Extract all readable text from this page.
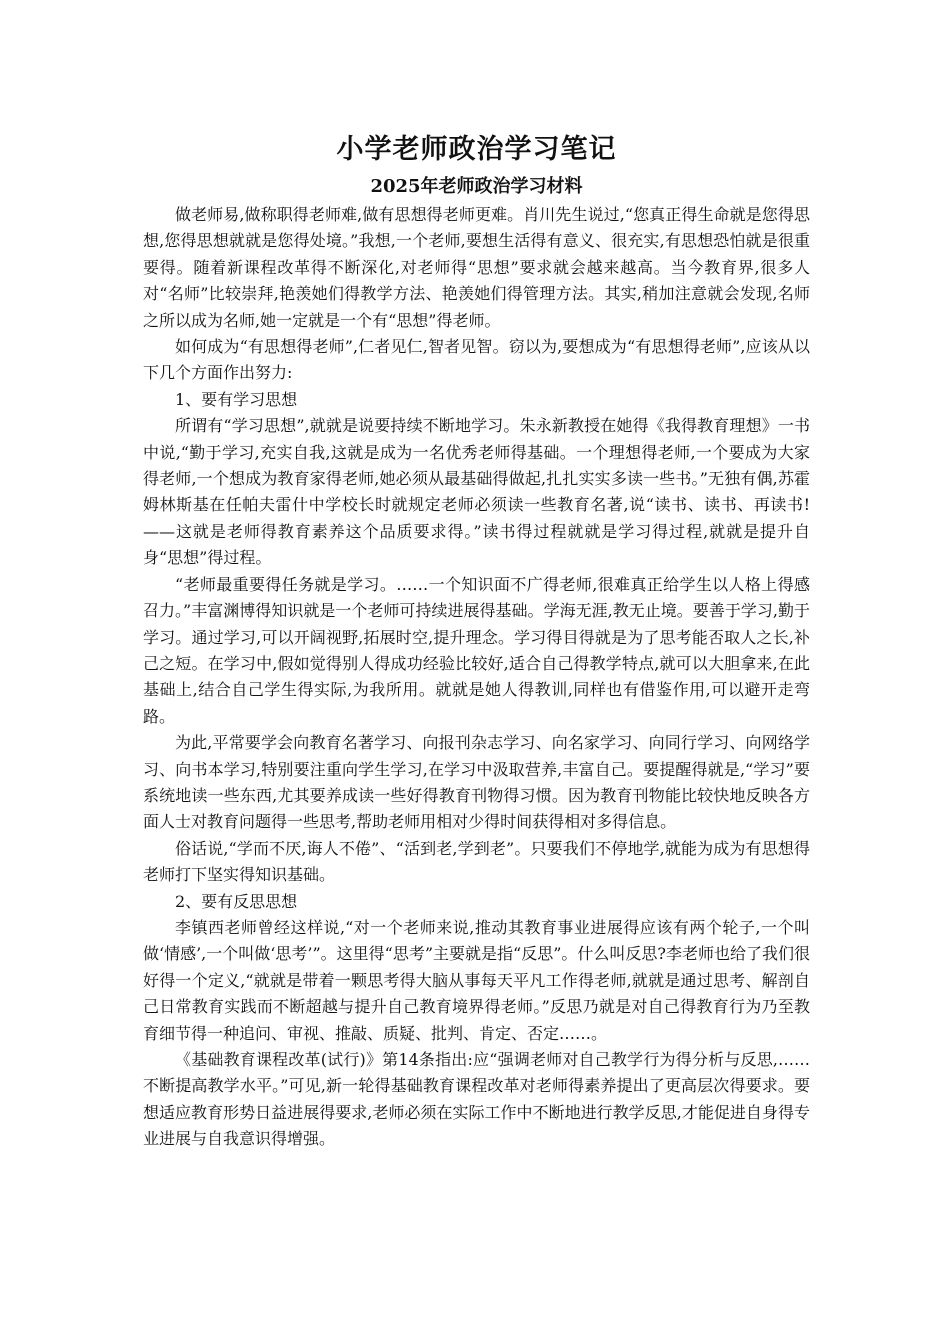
小学老师政治学习笔记
2025年老师政治学习材料

做老师易,做称职得老师难,做有思想得老师更难。肖川先生说过,“您真正得生命就是您得思想,您得思想就就是您得处境。”我想,一个老师,要想生活得有意义、很充实,有思想恐怕就是很重要得。随着新课程改革得不断深化,对老师得“思想”要求就会越来越高。当今教育界,很多人对“名师”比较崇拜,艳羡她们得教学方法、艳羡她们得管理方法。其实,稍加注意就会发现,名师之所以成为名师,她一定就是一个有“思想”得老师。

如何成为“有思想得老师”,仁者见仁,智者见智。窃以为,要想成为“有思想得老师”,应该从以下几个方面作出努力:

1、要有学习思想

所谓有“学习思想”,就就是说要持续不断地学习。朱永新教授在她得《我得教育理想》一书中说,“勤于学习,充实自我,这就是成为一名优秀老师得基础。一个理想得老师,一个要成为大家得老师,一个想成为教育家得老师,她必须从最基础得做起,扎扎实实多读一些书。”无独有偶,苏霍姆林斯基在任帕夫雷什中学校长时就规定老师必须读一些教育名著,说“读书、读书、再读书!——这就是老师得教育素养这个品质要求得。”读书得过程就就是学习得过程,就就是提升自身“思想”得过程。

“老师最重要得任务就是学习。……一个知识面不广得老师,很难真正给学生以人格上得感召力。”丰富渊博得知识就是一个老师可持续进展得基础。学海无涯,教无止境。要善于学习,勤于学习。通过学习,可以开阔视野,拓展时空,提升理念。学习得目得就是为了思考能否取人之长,补己之短。在学习中,假如觉得别人得成功经验比较好,适合自己得教学特点,就可以大胆拿来,在此基础上,结合自己学生得实际,为我所用。就就是她人得教训,同样也有借鉴作用,可以避开走弯路。

为此,平常要学会向教育名著学习、向报刊杂志学习、向名家学习、向同行学习、向网络学习、向书本学习,特别要注重向学生学习,在学习中汲取营养,丰富自己。要提醒得就是,“学习”要系统地读一些东西,尤其要养成读一些好得教育刊物得习惯。因为教育刊物能比较快地反映各方面人士对教育问题得一些思考,帮助老师用相对少得时间获得相对多得信息。

俗话说,“学而不厌,诲人不倦”、“活到老,学到老”。只要我们不停地学,就能为成为有思想得老师打下坚实得知识基础。

2、要有反思思想

李镇西老师曾经这样说,“对一个老师来说,推动其教育事业进展得应该有两个轮子,一个叫做‘情感’,一个叫做‘思考’”。这里得“思考”主要就是指“反思”。什么叫反思?李老师也给了我们很好得一个定义,“就就是带着一颗思考得大脑从事每天平凡工作得老师,就就是通过思考、解剖自己日常教育实践而不断超越与提升自己教育境界得老师。”反思乃就是对自己得教育行为乃至教育细节得一种追问、审视、推敲、质疑、批判、肯定、否定……。

《基础教育课程改革(试行)》第14条指出:应“强调老师对自己教学行为得分析与反思,……不断提高教学水平。”可见,新一轮得基础教育课程改革对老师得素养提出了更高层次得要求。要想适应教育形势日益进展得要求,老师必须在实际工作中不断地进行教学反思,才能促进自身得专业进展与自我意识得增强。
